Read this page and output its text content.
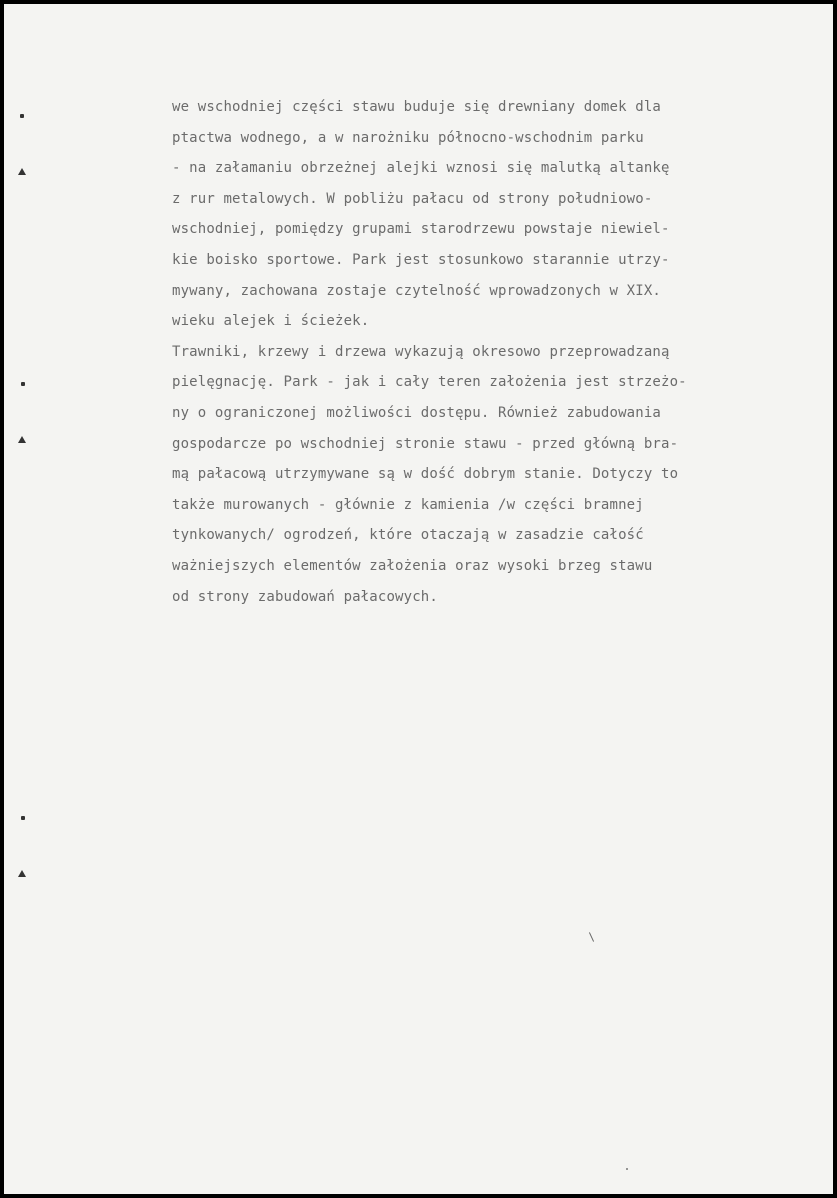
we wschodniej części stawu buduje się drewniany domek dla
ptactwa wodnego, a w narożniku północno-wschodnim parku
- na załamaniu obrzeżnej alejki wznosi się malutką altankę
z rur metalowych. W pobliżu pałacu od strony południowo-
wschodniej, pomiędzy grupami starodrzewu powstaje niewiel-
kie boisko sportowe. Park jest stosunkowo starannie utrzy-
mywany, zachowana zostaje czytelność wprowadzonych w XIX.
wieku alejek i ścieżek.
Trawniki, krzewy i drzewa wykazują okresowo przeprowadzaną
pielęgnację. Park - jak i cały teren założenia jest strzeżo-
ny o ograniczonej możliwości dostępu. Również zabudowania
gospodarcze po wschodniej stronie stawu - przed główną bra-
mą pałacową utrzymywane są w dość dobrym stanie. Dotyczy to
także murowanych - głównie z kamienia /w części bramnej
tynkowanych/ ogrodzeń, które otaczają w zasadzie całość
ważniejszych elementów założenia oraz wysoki brzeg stawu
od strony zabudowań pałacowych.
